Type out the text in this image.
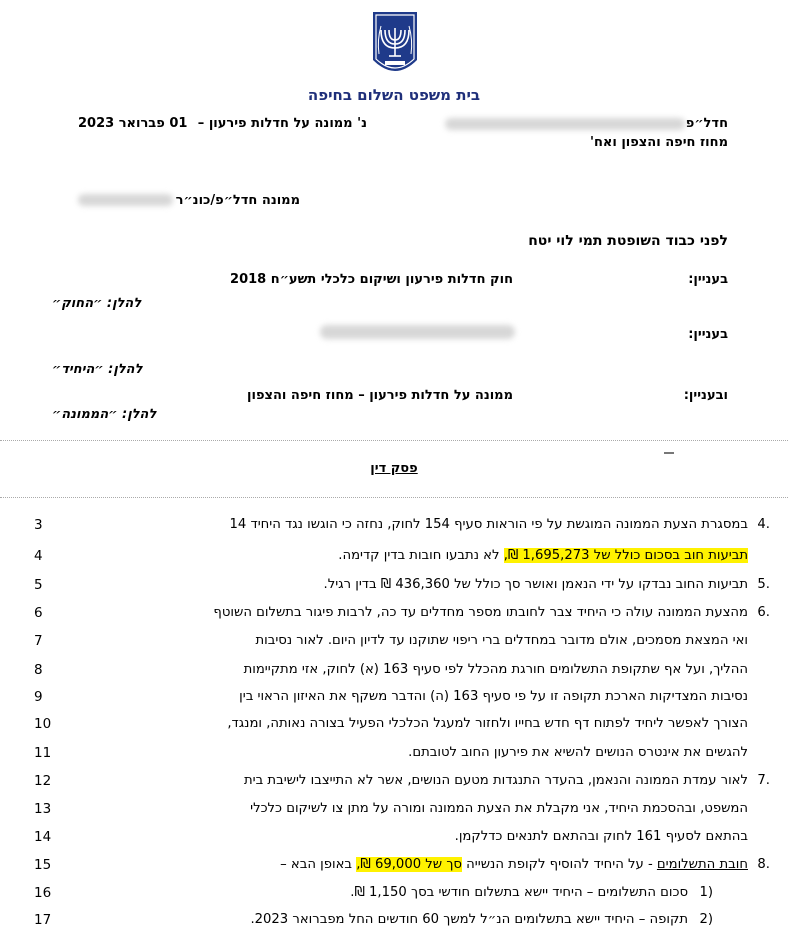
בית משפט השלום בחיפה
חדל״פ
נ' ממונה על חדלות פירעון –
מחוז חיפה והצפון ואח'
01 פברואר 2023
ממונה חדל״פ/כונ״ר
לפני כבוד השופטת תמי לוי יטח
בעניין:
חוק חדלות פירעון ושיקום כלכלי תשע״ח 2018
להלן: ״החוק״
בעניין:
להלן: ״היחיד״
ובעניין:
ממונה על חדלות פירעון – מחוז חיפה והצפון
להלן: ״הממונה״
פסק דין
3	4.
במסגרת הצעת הממונה המוגשת על פי הוראות סעיף 154 לחוק, נחזה כי הוגשו נגד היחיד 14
4	תביעות חוב בסכום כולל של 1,695,273 ₪, לא נתבעו חובות בדין קדימה.
5	5.
תביעות החוב נבדקו על ידי הנאמן ואושר סך כולל של 436,360 ₪ בדין רגיל.
6	6.
מהצעת הממונה עולה כי היחיד צבר לחובתו מספר מחדלים עד כה, לרבות פיגור בתשלום השוטף
7	ואי המצאת מסמכים, אולם מדובר במחדלים ברי ריפוי שתוקנו עד לדיון היום. לאור נסיבות
8	ההליך, ועל אף שתקופת התשלומים חורגת מהכלל לפי סעיף 163 (א) לחוק, אזי מתקיימות
9	נסיבות המצדיקות הארכת תקופה זו על פי סעיף 163 (ה) והדבר משקף את האיזון הראוי בין
10	הצורך לאפשר ליחיד לפתוח דף חדש בחייו ולחזור למעגל הכלכלי הפעיל בצורה נאותה, ומנגד,
11	להגשים את אינטרס הנושים להשיא את פירעון החוב לטובתם.
12	7.
לאור עמדת הממונה והנאמן, בהעדר התנגדות מטעם הנושים, אשר לא התייצבו לישיבת בית
13	המשפט, ובהסכמת היחיד, אני מקבלת את הצעת הממונה ומורה על מתן צו לשיקום כלכלי
14	בהתאם לסעיף 161 לחוק ובהתאם לתנאים כדלקמן.
15	8.
חובת התשלומים - על היחיד להוסיף לקופת הנשייה סך של 69,000 ₪, באופן הבא –
16	1)
סכום התשלומים – היחיד יישא בתשלום חודשי בסך 1,150 ₪.
17	2)
תקופה – היחיד יישא בתשלומים הנ״ל למשך 60 חודשים החל מפברואר 2023.
